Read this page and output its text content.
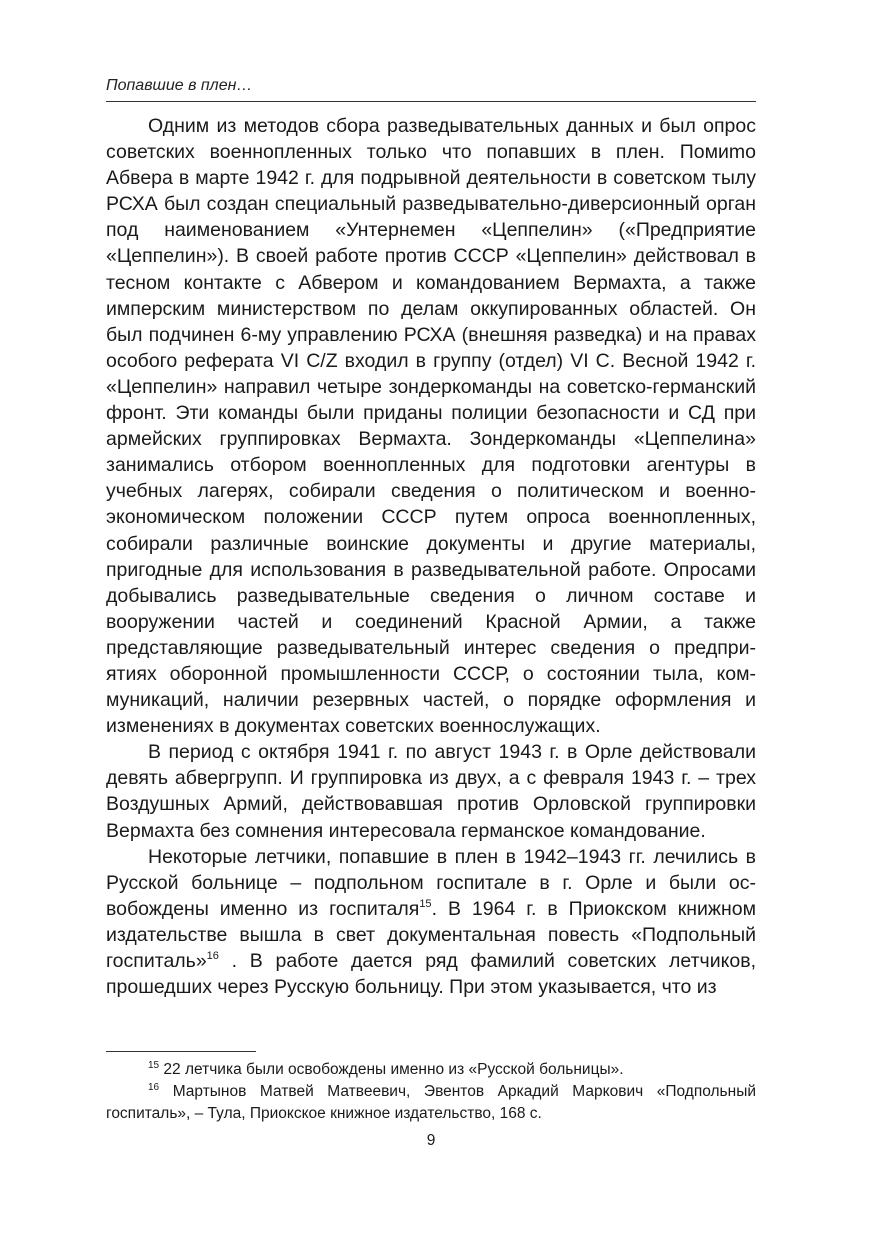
Попавшие в плен…

Одним из методов сбора разведывательных данных и был опрос советских военнопленных только что попавших в плен. Помиmo Абвера в марте 1942 г. для подрывной деятельности в советском тылу РСХА был создан специальный разведывательно-диверсионный орган под наименованием «Унтернемен «Цеппелин» («Предприятие «Цеппелин»). В своей работе против СССР «Цеппелин» действовал в тесном контакте с Абвером и командованием Вермахта, а также имперским министерством по делам оккупированных областей. Он был подчинен 6-му управлению РСХА (внешняя разведка) и на правах особого реферата VI C/Z входил в группу (отдел) VI С. Весной 1942 г. «Цеппелин» направил четыре зондеркоманды на советско-германский фронт. Эти команды были приданы полиции безопасности и СД при армейских группировках Вермахта. Зондеркоманды «Цеппелина» занимались отбором военнопленных для подготовки агентуры в учебных лагерях, собирали сведения о политическом и военно-экономическом положении СССР путем опроса военнопленных, собирали различные воинские документы и другие материалы, пригодные для использования в разведывательной работе. Опросами добывались разведывательные сведения о личном составе и вооружении частей и соединений Красной Армии, а также представляющие разведывательный интерес сведения о предприятиях оборонной промышленности СССР, о состоянии тыла, коммуникаций, наличии резервных частей, о порядке оформления и изменениях в документах советских военнослужащих.

В период с октября 1941 г. по август 1943 г. в Орле действовали девять абвергрупп. И группировка из двух, а с февраля 1943 г. – трех Воздушных Армий, действовавшая против Орловской группировки Вермахта без сомнения интересовала германское командование.

Некоторые летчики, попавшие в плен в 1942–1943 гг. лечились в Русской больнице – подпольном госпитале в г. Орле и были освобождены именно из госпиталя$^{15}$. В 1964 г. в Приокском книжном издательстве вышла в свет документальная повесть «Подпольный госпиталь»$^{16}$ . В работе дается ряд фамилий советских летчиков, прошедших через Русскую больницу. При этом указывается, что из

$^{15}$ 22 летчика были освобождены именно из «Русской больницы».

$^{16}$ Мартынов Матвей Матвеевич, Эвентов Аркадий Маркович «Подпольный госпиталь», – Тула, Приокское книжное издательство, 168 с.

9
